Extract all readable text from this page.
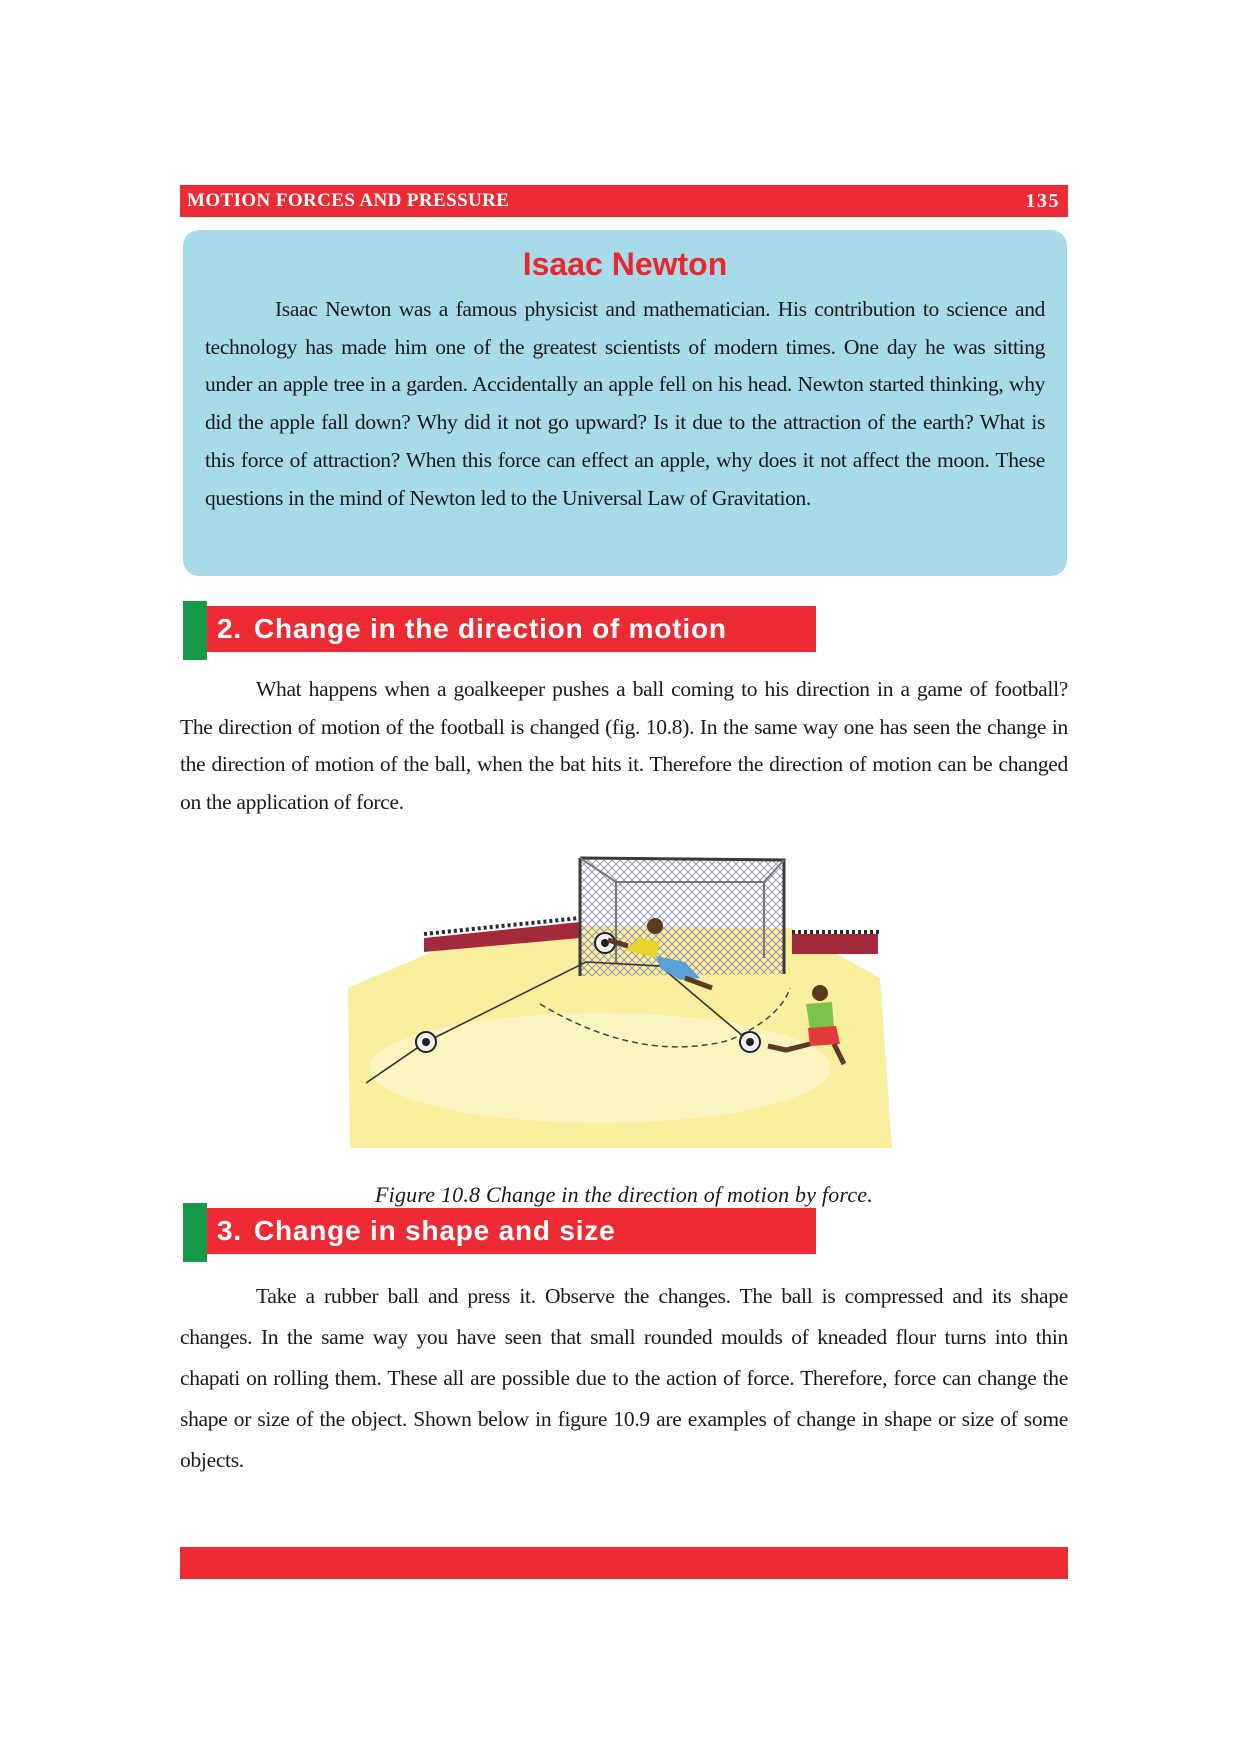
MOTION FORCES AND PRESSURE	135
Isaac Newton

Isaac Newton was a famous physicist and mathematician. His contribution to science and technology has made him one of the greatest scientists of modern times. One day he was sitting under an apple tree in a garden. Accidentally an apple fell on his head. Newton started thinking, why did the apple fall down? Why did it not go upward? Is it due to the attraction of the earth? What is this force of attraction? When this force can effect an apple, why does it not affect the moon. These questions in the mind of Newton led to the Universal Law of Gravitation.

2. Change in the direction of motion

What happens when a goalkeeper pushes a ball coming to his direction in a game of football? The direction of motion of the football is changed (fig. 10.8). In the same way one has seen the change in the direction of motion of the ball, when the bat hits it. Therefore the direction of motion can be changed on the application of force.

Figure 10.8 Change in the direction of motion by force.
3. Change in shape and size

Take a rubber ball and press it. Observe the changes. The ball is compressed and its shape changes. In the same way you have seen that small rounded moulds of kneaded flour turns into thin chapati on rolling them. These all are possible due to the action of force. Therefore, force can change the shape or size of the object. Shown below in figure 10.9 are examples of change in shape or size of some objects.
